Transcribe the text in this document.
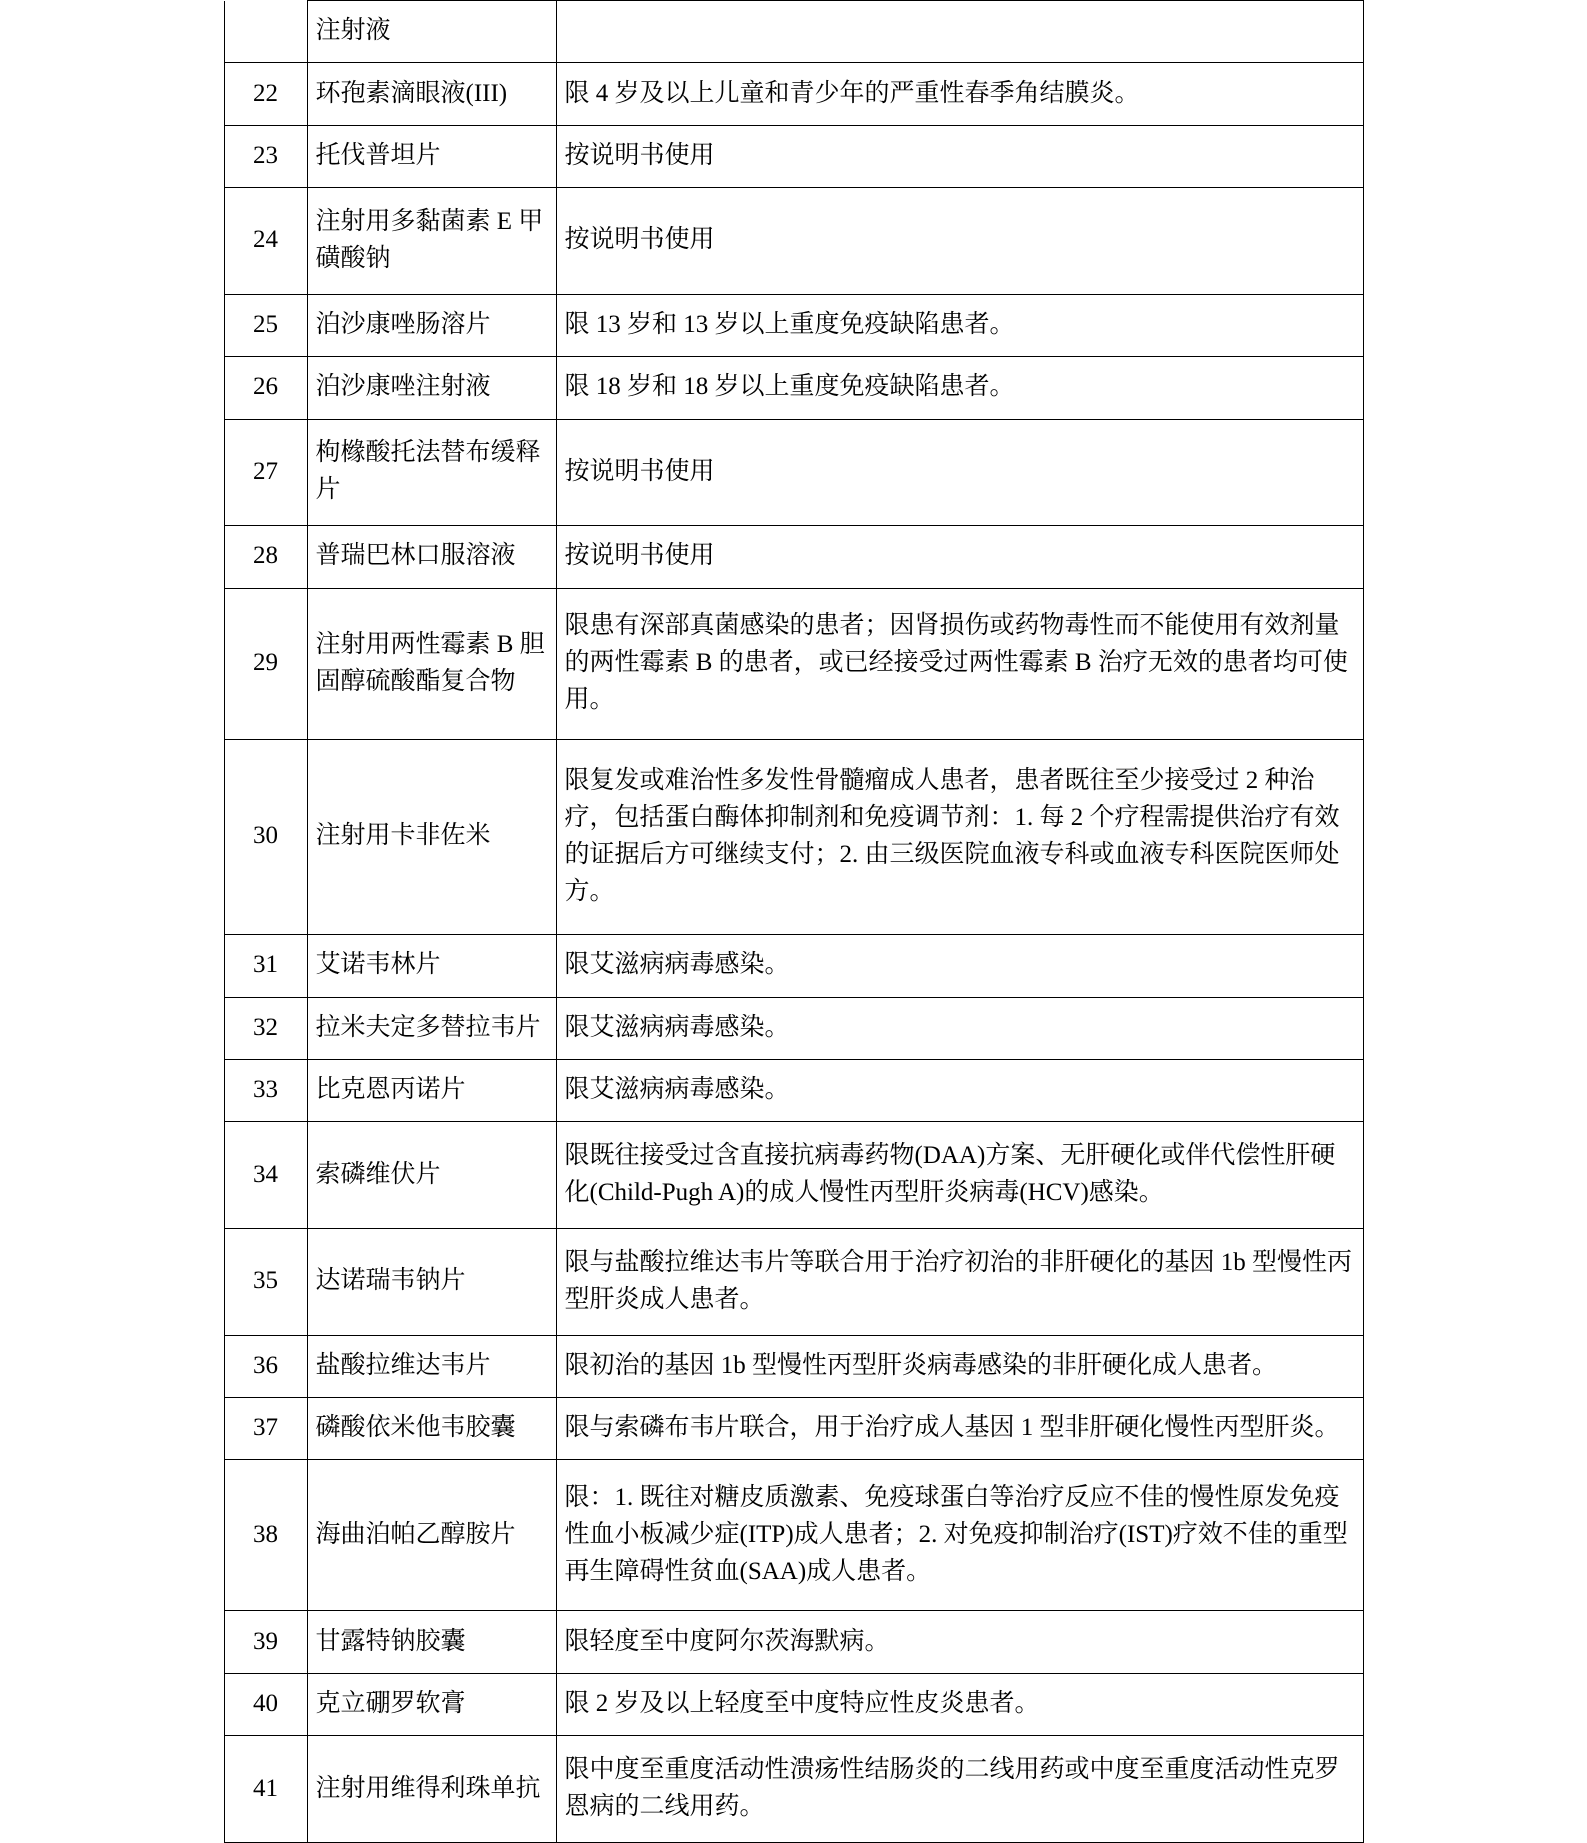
	注射液	
22	环孢素滴眼液(III)	限 4 岁及以上儿童和青少年的严重性春季角结膜炎。
23	托伐普坦片	按说明书使用
24	注射用多黏菌素 E 甲磺酸钠	按说明书使用
25	泊沙康唑肠溶片	限 13 岁和 13 岁以上重度免疫缺陷患者。
26	泊沙康唑注射液	限 18 岁和 18 岁以上重度免疫缺陷患者。
27	枸橼酸托法替布缓释片	按说明书使用
28	普瑞巴林口服溶液	按说明书使用
29	注射用两性霉素 B 胆固醇硫酸酯复合物	限患有深部真菌感染的患者；因肾损伤或药物毒性而不能使用有效剂量的两性霉素 B 的患者，或已经接受过两性霉素 B 治疗无效的患者均可使用。
30	注射用卡非佐米	限复发或难治性多发性骨髓瘤成人患者，患者既往至少接受过 2 种治疗，包括蛋白酶体抑制剂和免疫调节剂：1. 每 2 个疗程需提供治疗有效的证据后方可继续支付；2. 由三级医院血液专科或血液专科医院医师处方。
31	艾诺韦林片	限艾滋病病毒感染。
32	拉米夫定多替拉韦片	限艾滋病病毒感染。
33	比克恩丙诺片	限艾滋病病毒感染。
34	索磷维伏片	限既往接受过含直接抗病毒药物(DAA)方案、无肝硬化或伴代偿性肝硬化(Child-Pugh A)的成人慢性丙型肝炎病毒(HCV)感染。
35	达诺瑞韦钠片	限与盐酸拉维达韦片等联合用于治疗初治的非肝硬化的基因 1b 型慢性丙型肝炎成人患者。
36	盐酸拉维达韦片	限初治的基因 1b 型慢性丙型肝炎病毒感染的非肝硬化成人患者。
37	磷酸依米他韦胶囊	限与索磷布韦片联合，用于治疗成人基因 1 型非肝硬化慢性丙型肝炎。
38	海曲泊帕乙醇胺片	限：1. 既往对糖皮质激素、免疫球蛋白等治疗反应不佳的慢性原发免疫性血小板减少症(ITP)成人患者；2. 对免疫抑制治疗(IST)疗效不佳的重型再生障碍性贫血(SAA)成人患者。
39	甘露特钠胶囊	限轻度至中度阿尔茨海默病。
40	克立硼罗软膏	限 2 岁及以上轻度至中度特应性皮炎患者。
41	注射用维得利珠单抗	限中度至重度活动性溃疡性结肠炎的二线用药或中度至重度活动性克罗恩病的二线用药。
